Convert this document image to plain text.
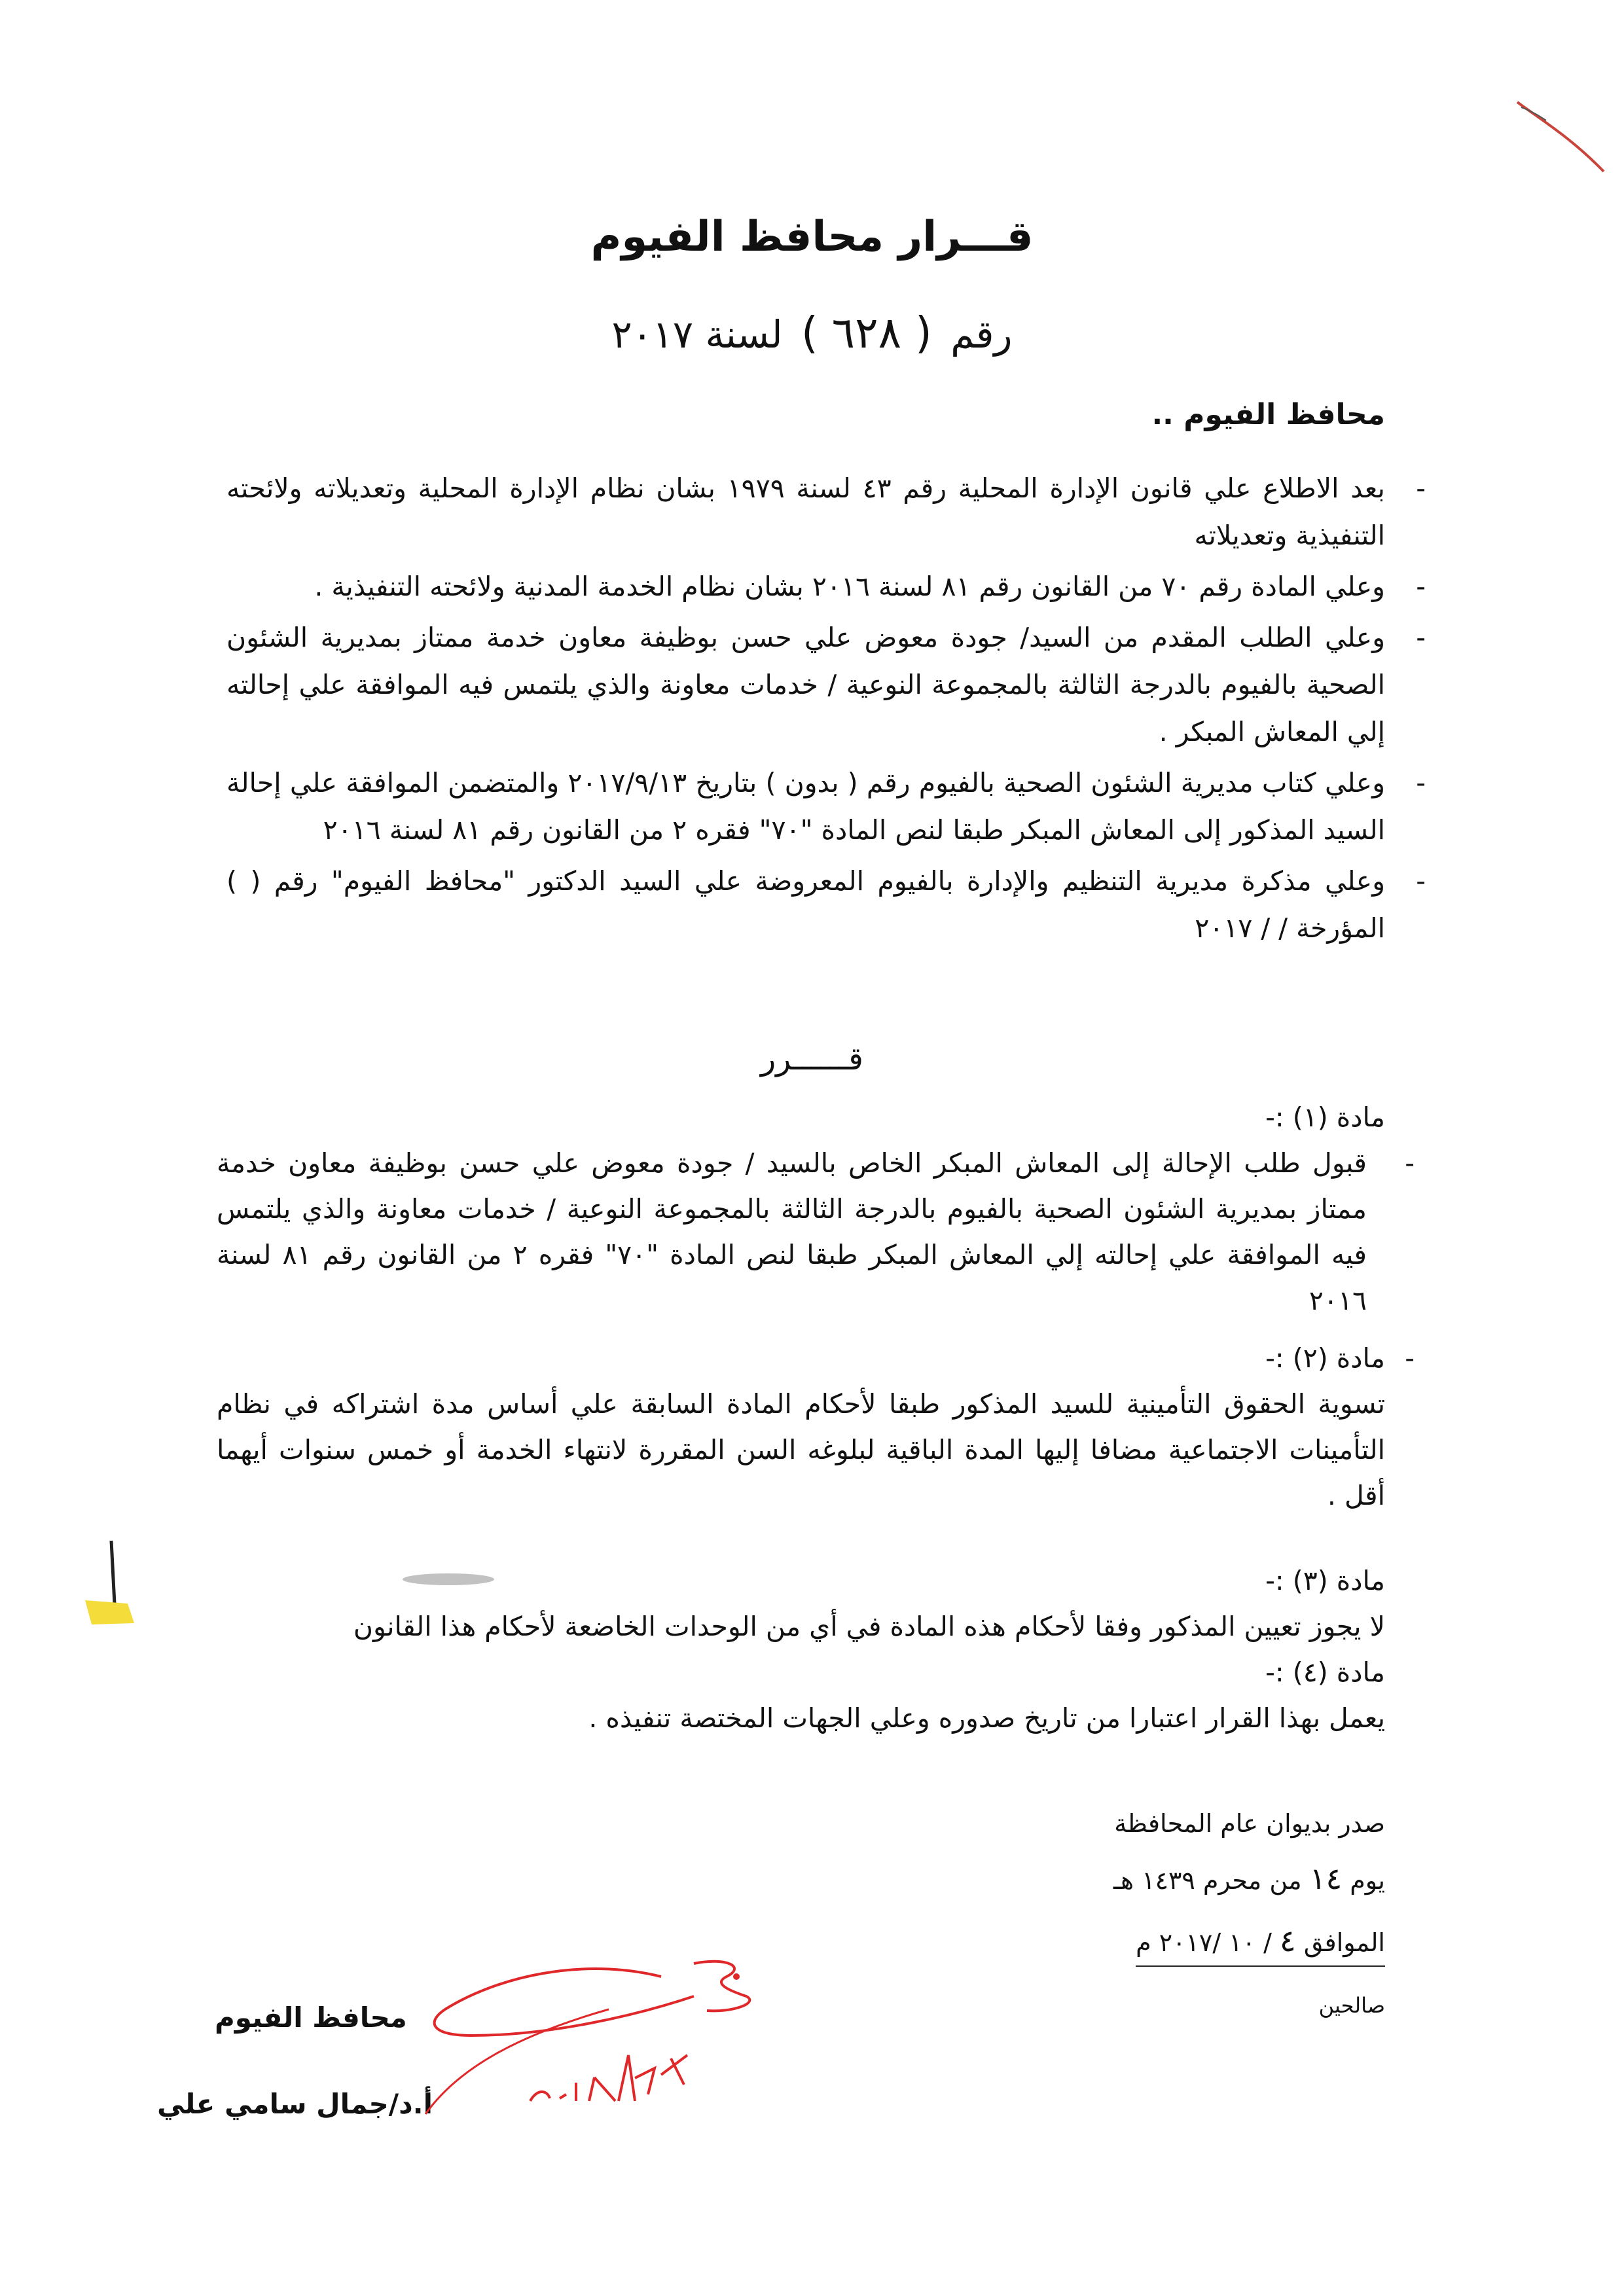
قـــرار محافظ الفيوم
رقم ( ٦٢٨ ) لسنة ٢٠١٧
محافظ الفيوم ..
- بعد الاطلاع علي قانون الإدارة المحلية رقم ٤٣ لسنة ١٩٧٩ بشان نظام الإدارة المحلية وتعديلاته ولائحته التنفيذية وتعديلاته
- وعلي المادة رقم ٧٠ من القانون رقم ٨١ لسنة ٢٠١٦ بشان نظام الخدمة المدنية ولائحته التنفيذية .
- وعلي الطلب المقدم من السيد/ جودة معوض علي حسن بوظيفة معاون خدمة ممتاز بمديرية الشئون الصحية بالفيوم بالدرجة الثالثة بالمجموعة النوعية / خدمات معاونة والذي يلتمس فيه الموافقة علي إحالته إلي المعاش المبكر .
- وعلي كتاب مديرية الشئون الصحية بالفيوم رقم ( بدون ) بتاريخ ٢٠١٧/٩/١٣ والمتضمن الموافقة علي إحالة السيد المذكور إلى المعاش المبكر طبقا لنص المادة "٧٠" فقره ٢ من القانون رقم ٨١ لسنة ٢٠١٦
- وعلي مذكرة مديرية التنظيم والإدارة بالفيوم المعروضة علي السيد الدكتور "محافظ الفيوم" رقم ( ) المؤرخة / / ٢٠١٧
قــــــرر

مادة (١) :-

- قبول طلب الإحالة إلى المعاش المبكر الخاص بالسيد / جودة معوض علي حسن بوظيفة معاون خدمة ممتاز بمديرية الشئون الصحية بالفيوم بالدرجة الثالثة بالمجموعة النوعية / خدمات معاونة والذي يلتمس فيه الموافقة علي إحالته إلي المعاش المبكر طبقا لنص المادة "٧٠" فقره ٢ من القانون رقم ٨١ لسنة ٢٠١٦

- مادة (٢) :-

تسوية الحقوق التأمينية للسيد المذكور طبقا لأحكام المادة السابقة علي أساس مدة اشتراكه في نظام التأمينات الاجتماعية مضافا إليها المدة الباقية لبلوغه السن المقررة لانتهاء الخدمة أو خمس سنوات أيهما أقل .

مادة (٣) :-

لا يجوز تعيين المذكور وفقا لأحكام هذه المادة في أي من الوحدات الخاضعة لأحكام هذا القانون

مادة (٤) :-

يعمل بهذا القرار اعتبارا من تاريخ صدوره وعلي الجهات المختصة تنفيذه .

صدر بديوان عام المحافظة
يوم ١٤ من محرم ١٤٣٩ هـ
الموافق ٤ / ١٠ /٢٠١٧ م
صالحين
محافظ الفيوم
أ.د/جمال سامي علي
